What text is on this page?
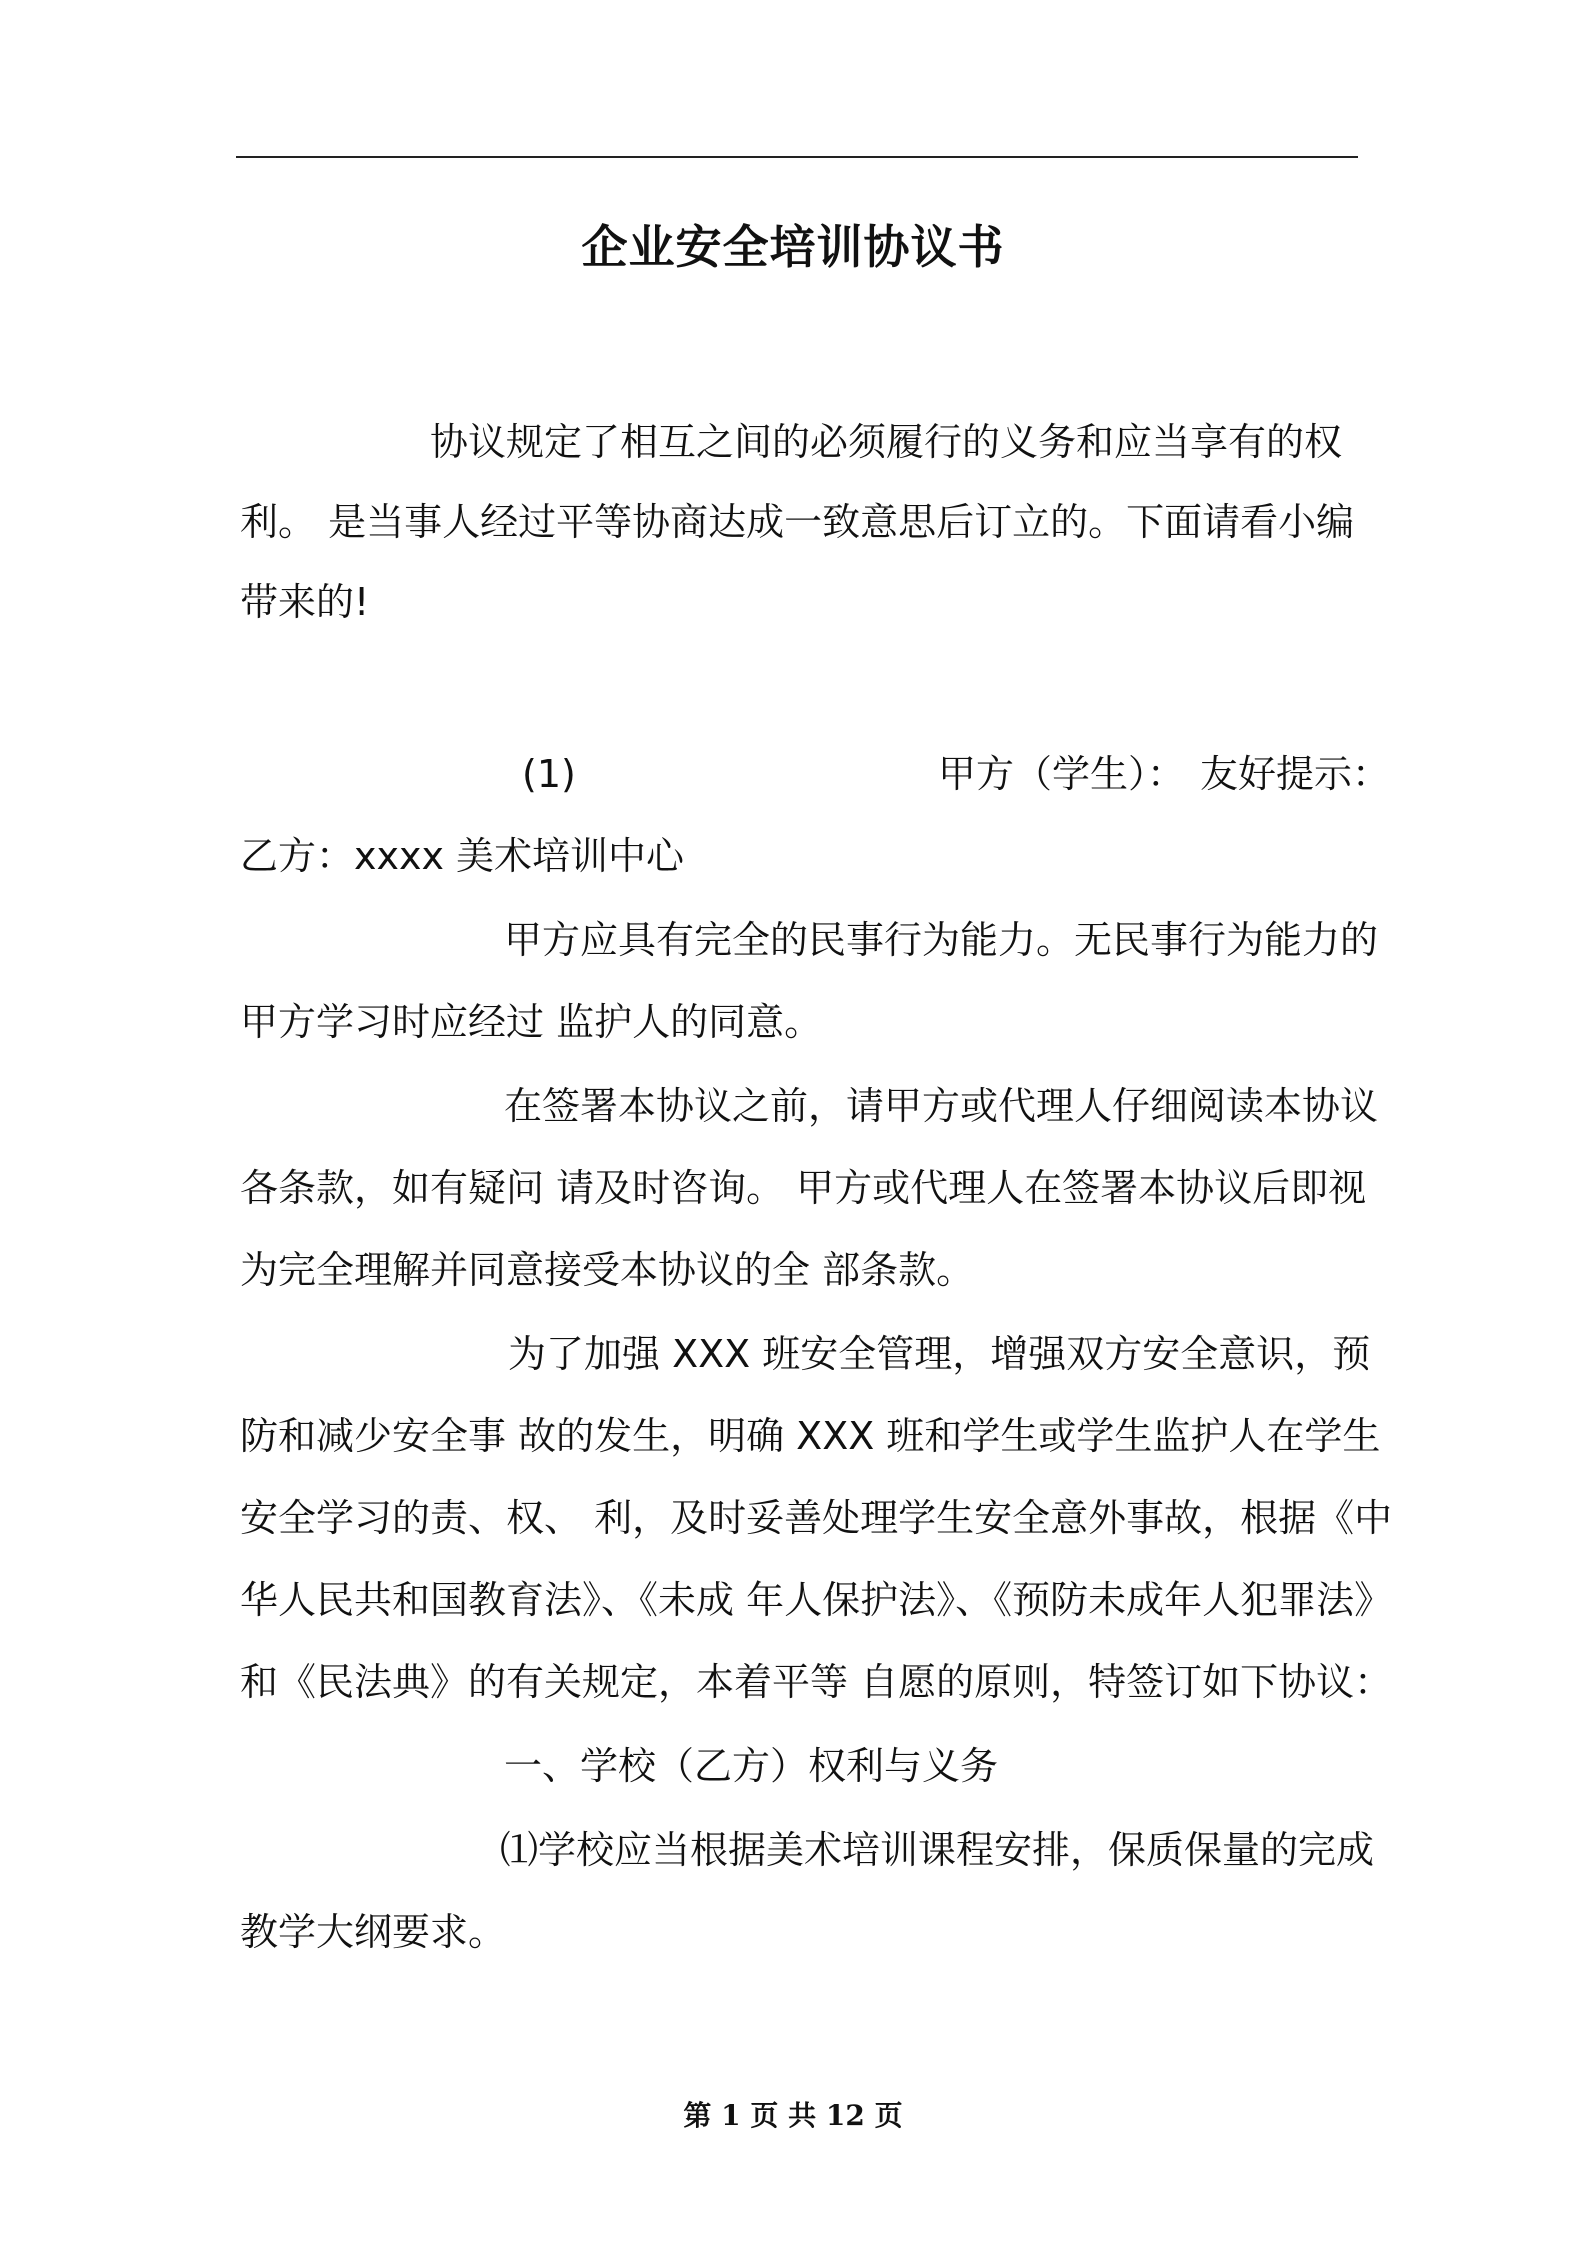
企业安全培训协议书
协议规定了相互之间的必须履行的义务和应当享有的权
利。 是当事人经过平等协商达成一致意思后订立的。下面请看小编
带来的!
(1)	甲方（学生）： 友好提示：
乙方：xxxx 美术培训中心
甲方应具有完全的民事行为能力。无民事行为能力的
甲方学习时应经过 监护人的同意。
在签署本协议之前，请甲方或代理人仔细阅读本协议
各条款，如有疑问 请及时咨询。 甲方或代理人在签署本协议后即视
为完全理解并同意接受本协议的全 部条款。
为了加强 XXX 班安全管理，增强双方安全意识，预
防和减少安全事 故的发生，明确 XXX 班和学生或学生监护人在学生
安全学习的责、权、 利，及时妥善处理学生安全意外事故，根据《中
华人民共和国教育法》、《未成 年人保护法》、《预防未成年人犯罪法》
和《民法典》的有关规定，本着平等 自愿的原则，特签订如下协议：
一、学校（乙方）权利与义务
⑴学校应当根据美术培训课程安排，保质保量的完成
教学大纲要求。
第 1 页 共 12 页
